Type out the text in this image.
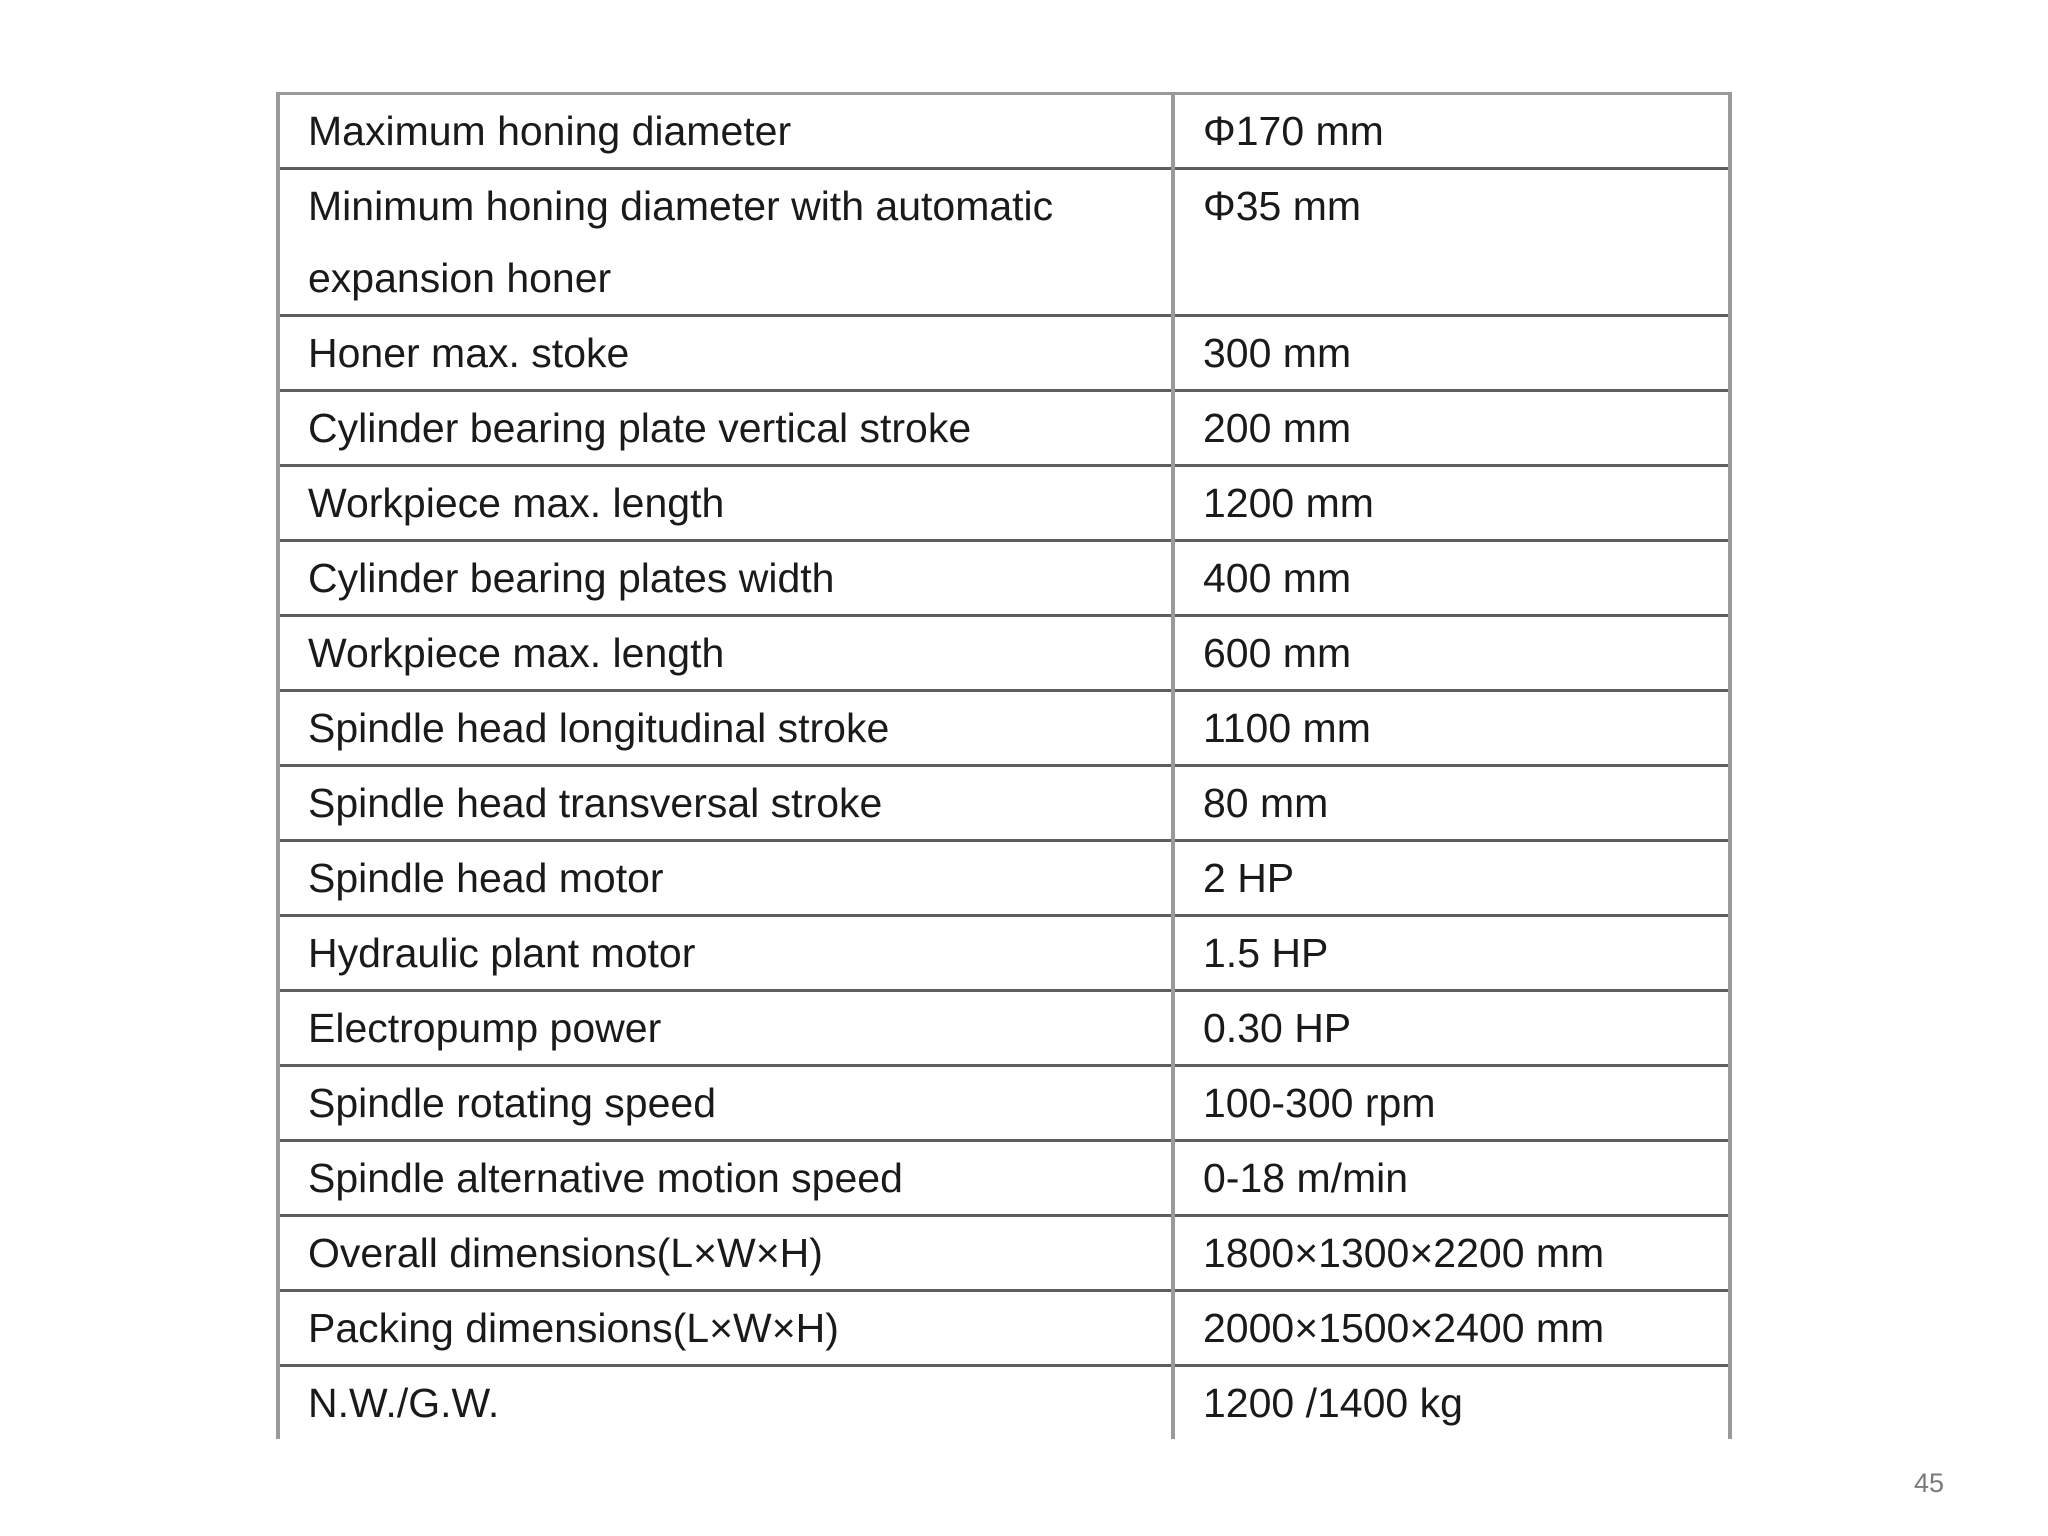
Maximum honing diameter	Φ170 mm
Minimum honing diameter with automatic expansion honer	Φ35 mm
Honer max. stoke	300 mm
Cylinder bearing plate vertical stroke	200 mm
Workpiece max. length	1200 mm
Cylinder bearing plates width	400 mm
Workpiece max. length	600 mm
Spindle head longitudinal stroke	1100 mm
Spindle head transversal stroke	80 mm
Spindle head motor	2 HP
Hydraulic plant motor	1.5 HP
Electropump power	0.30 HP
Spindle rotating speed	100-300 rpm
Spindle alternative motion speed	0-18 m/min
Overall dimensions(L×W×H)	1800×1300×2200 mm
Packing dimensions(L×W×H)	2000×1500×2400 mm
N.W./G.W.	1200 /1400 kg
45
